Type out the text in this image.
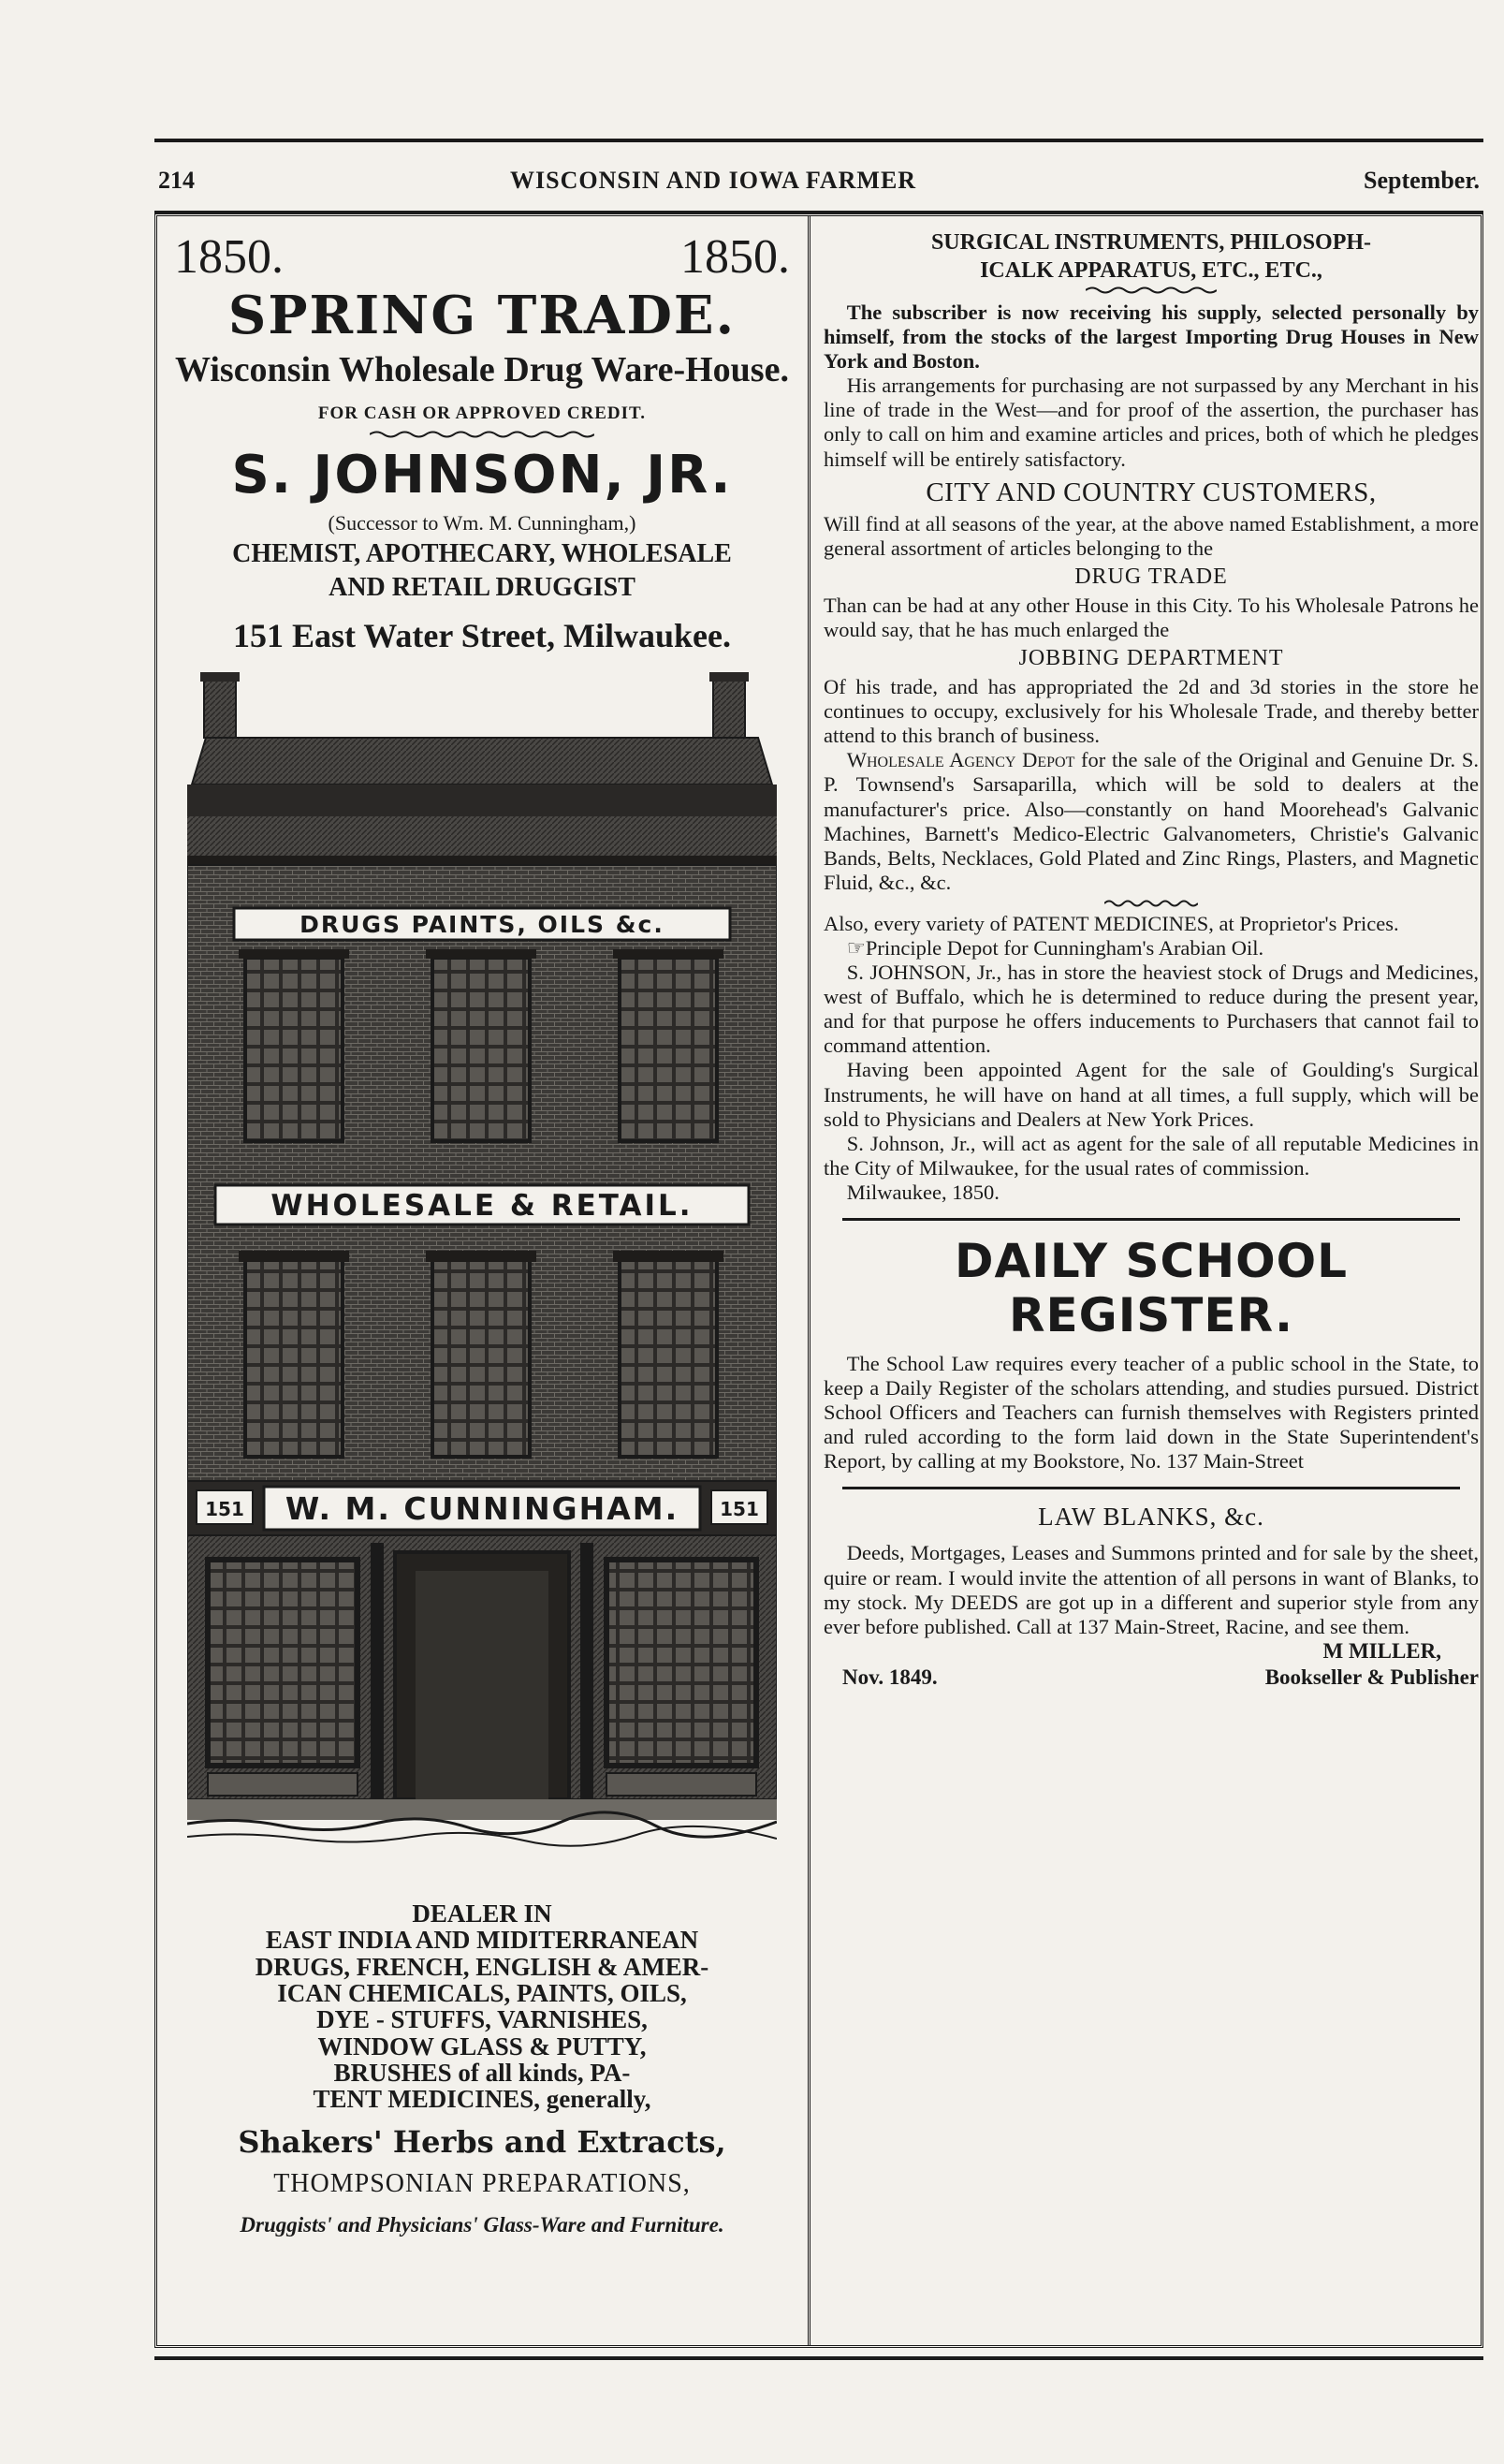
214	WISCONSIN AND IOWA FARMER	September.
1850.	1850.
SPRING TRADE.
Wisconsin Wholesale Drug Ware-House.
FOR CASH OR APPROVED CREDIT.
S. JOHNSON, JR.
(Successor to Wm. M. Cunningham,)
CHEMIST, APOTHECARY, WHOLESALE
AND RETAIL DRUGGIST
151 East Water Street, Milwaukee.
DRUGS PAINTS, OILS &c.
WHOLESALE & RETAIL.
W. M. CUNNINGHAM.
151	151
DEALER IN
EAST INDIA AND MIDITERRANEAN
DRUGS, FRENCH, ENGLISH & AMER-
ICAN CHEMICALS, PAINTS, OILS,
DYE - STUFFS, VARNISHES,
WINDOW GLASS & PUTTY,
BRUSHES of all kinds, PA-
TENT MEDICINES, generally,
Shakers' Herbs and Extracts,
THOMPSONIAN PREPARATIONS,
Druggists' and Physicians' Glass-Ware and Furniture.
SURGICAL INSTRUMENTS, PHILOSOPH-
ICALK APPARATUS, ETC., ETC.,

The subscriber is now receiving his supply, selected personally by himself, from the stocks of the largest Importing Drug Houses in New York and Boston.

His arrangements for purchasing are not surpassed by any Merchant in his line of trade in the West—and for proof of the assertion, the purchaser has only to call on him and examine articles and prices, both of which he pledges himself will be entirely satisfactory.

CITY AND COUNTRY CUSTOMERS,

Will find at all seasons of the year, at the above named Establishment, a more general assortment of articles belonging to the

DRUG TRADE

Than can be had at any other House in this City. To his Wholesale Patrons he would say, that he has much enlarged the

JOBBING DEPARTMENT

Of his trade, and has appropriated the 2d and 3d stories in the store he continues to occupy, exclusively for his Wholesale Trade, and thereby better attend to this branch of business.

Wholesale Agency Depot for the sale of the Original and Genuine Dr. S. P. Townsend's Sarsaparilla, which will be sold to dealers at the manufacturer's price. Also—constantly on hand Moorehead's Galvanic Machines, Barnett's Medico-Electric Galvanometers, Christie's Galvanic Bands, Belts, Necklaces, Gold Plated and Zinc Rings, Plasters, and Magnetic Fluid, &c., &c.

Also, every variety of PATENT MEDICINES, at Proprietor's Prices.

☞Principle Depot for Cunningham's Arabian Oil.

S. JOHNSON, Jr., has in store the heaviest stock of Drugs and Medicines, west of Buffalo, which he is determined to reduce during the present year, and for that purpose he offers inducements to Purchasers that cannot fail to command attention.

Having been appointed Agent for the sale of Goulding's Surgical Instruments, he will have on hand at all times, a full supply, which will be sold to Physicians and Dealers at New York Prices.

S. Johnson, Jr., will act as agent for the sale of all reputable Medicines in the City of Milwaukee, for the usual rates of commission.

Milwaukee, 1850.

DAILY SCHOOL REGISTER.

The School Law requires every teacher of a public school in the State, to keep a Daily Register of the scholars attending, and studies pursued. District School Officers and Teachers can furnish themselves with Registers printed and ruled according to the form laid down in the State Superintendent's Report, by calling at my Bookstore, No. 137 Main-Street

LAW BLANKS, &c.

Deeds, Mortgages, Leases and Summons printed and for sale by the sheet, quire or ream. I would invite the attention of all persons in want of Blanks, to my stock. My DEEDS are got up in a different and superior style from any ever before published. Call at 137 Main-Street, Racine, and see them.

M MILLER,
Nov. 1849.	Bookseller & Publisher
